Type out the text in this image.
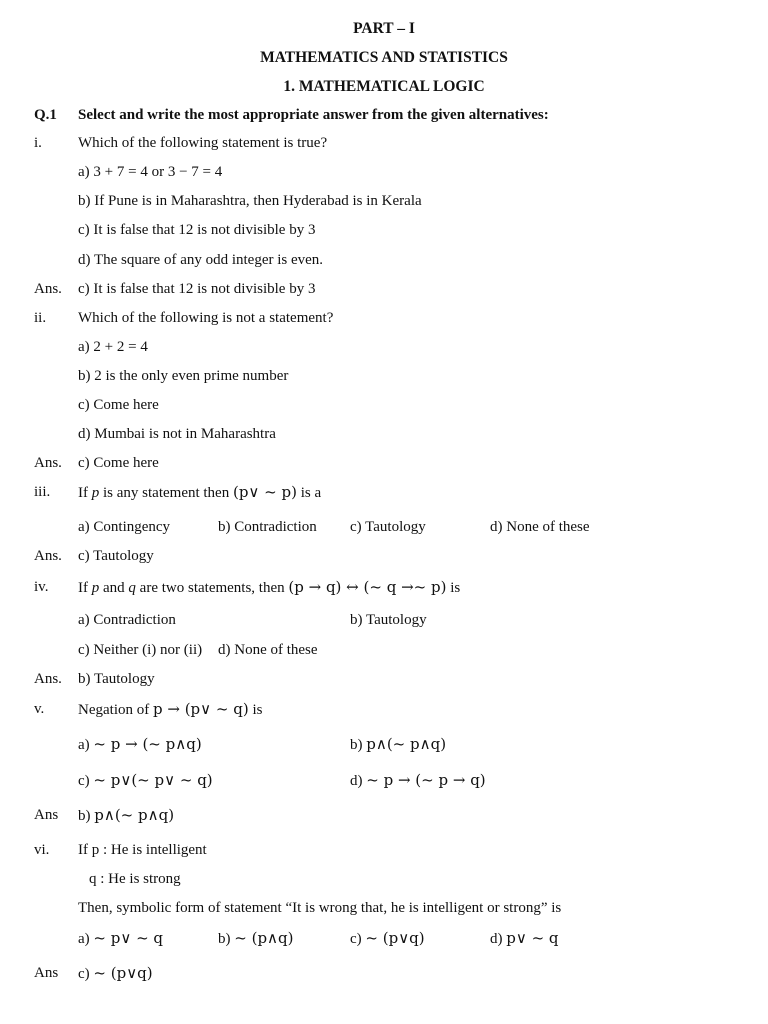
PART – I
MATHEMATICS AND STATISTICS
1. MATHEMATICAL LOGIC
Q.1 Select and write the most appropriate answer from the given alternatives:
i. Which of the following statement is true?
a) 3 + 7 = 4 or 3 − 7 = 4
b) If Pune is in Maharashtra, then Hyderabad is in Kerala
c) It is false that 12 is not divisible by 3
d) The square of any odd integer is even.
Ans. c) It is false that 12 is not divisible by 3
ii. Which of the following is not a statement?
a) 2 + 2 = 4
b) 2 is the only even prime number
c) Come here
d) Mumbai is not in Maharashtra
Ans. c) Come here
iii. If p is any statement then (p∨ ~ p) is a
a) Contingency	b) Contradiction c) Tautology	d) None of these
Ans. c) Tautology
iv. If p and q are two statements, then (p → q) ↔ (~ q →~ p) is
a) Contradiction	b) Tautology
c) Neither (i) nor (ii) d) None of these
Ans. b) Tautology
v. Negation of p → (p∨ ~ q) is
a) ~ p → (~ p∧q)	b) p∧(~ p∧q)
c) ~ p∨(~ p∨ ~ q)	d) ~ p → (~ p → q)
Ans b) p∧(~ p∧q)
vi. If p : He is intelligent
q : He is strong
Then, symbolic form of statement “It is wrong that, he is intelligent or strong” is
a) ~ p∨ ~ q	b) ~ (p∧q)	c) ~ (p∨q)	d) p∨ ~ q
Ans c) ~ (p∨q)
